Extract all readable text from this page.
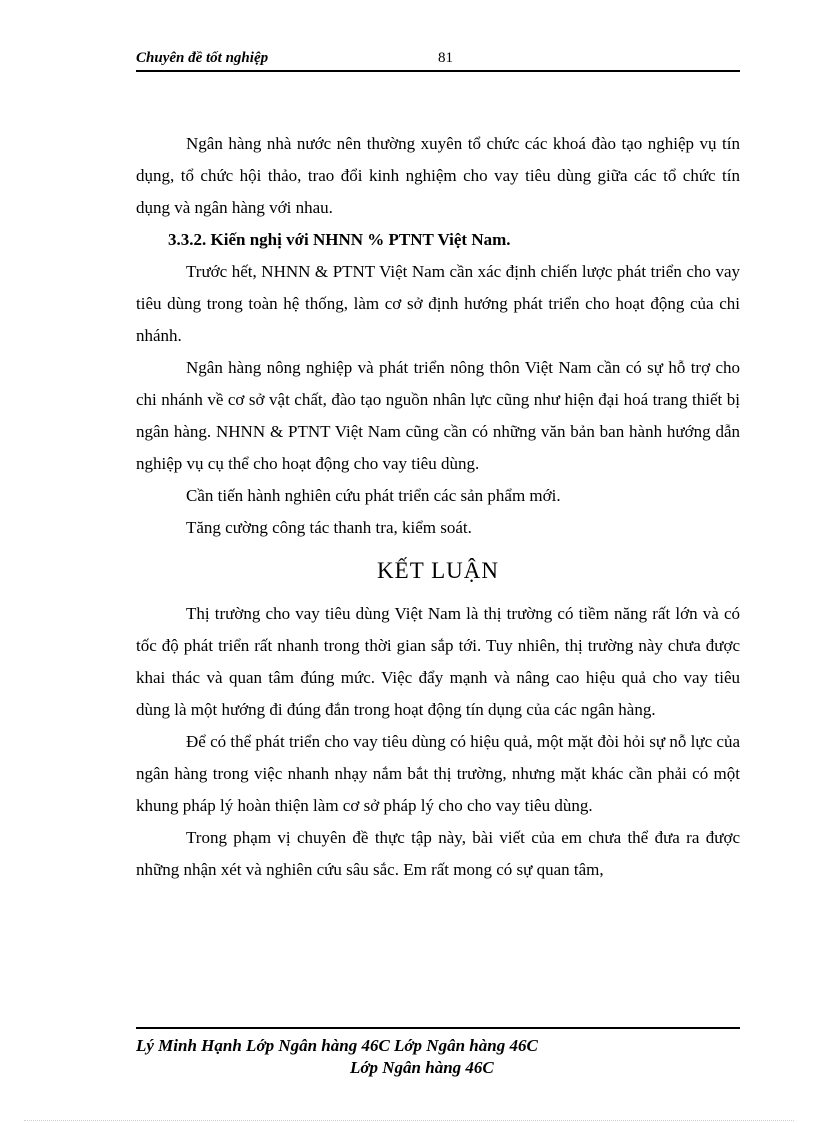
Chuyên đề tốt nghiệp	81

Ngân hàng nhà nước nên thường xuyên tổ chức các khoá đào tạo nghiệp vụ tín dụng, tổ chức hội thảo, trao đổi kinh nghiệm cho vay tiêu dùng giữa các tổ chức tín dụng và ngân hàng với nhau.

3.3.2. Kiến nghị với NHNN % PTNT Việt Nam.

Trước hết, NHNN & PTNT Việt Nam cần xác định chiến lược phát triển cho vay tiêu dùng trong toàn hệ thống, làm cơ sở định hướng phát triển cho hoạt động của chi nhánh.

Ngân hàng nông nghiệp và phát triển nông thôn Việt Nam cần có sự hỗ trợ cho chi nhánh về cơ sở vật chất, đào tạo nguồn nhân lực cũng như hiện đại hoá trang thiết bị ngân hàng. NHNN & PTNT Việt Nam cũng cần có những văn bản ban hành hướng dẫn nghiệp vụ cụ thể cho hoạt động cho vay tiêu dùng.

Cần tiến hành nghiên cứu phát triển các sản phẩm mới.

Tăng cường công tác thanh tra, kiểm soát.

KẾT LUẬN

Thị trường cho vay tiêu dùng Việt Nam là thị trường có tiềm năng rất lớn và có tốc độ phát triển rất nhanh trong thời gian sắp tới. Tuy nhiên, thị trường này chưa được khai thác và quan tâm đúng mức. Việc đẩy mạnh và nâng cao hiệu quả cho vay tiêu dùng là một hướng đi đúng đắn trong hoạt động tín dụng của các ngân hàng.

Để có thể phát triển cho vay tiêu dùng có hiệu quả, một mặt đòi hỏi sự nỗ lực của ngân hàng trong việc nhanh nhạy nắm bắt thị trường, nhưng mặt khác cần phải có một khung pháp lý hoàn thiện làm cơ sở pháp lý cho cho vay tiêu dùng.

Trong phạm vị chuyên đề thực tập này, bài viết của em chưa thể đưa ra được những nhận xét và nghiên cứu sâu sắc. Em rất mong có sự quan tâm,

Lý Minh Hạnh Lớp Ngân hàng 46C Lớp Ngân hàng 46C
Lớp Ngân hàng 46C
